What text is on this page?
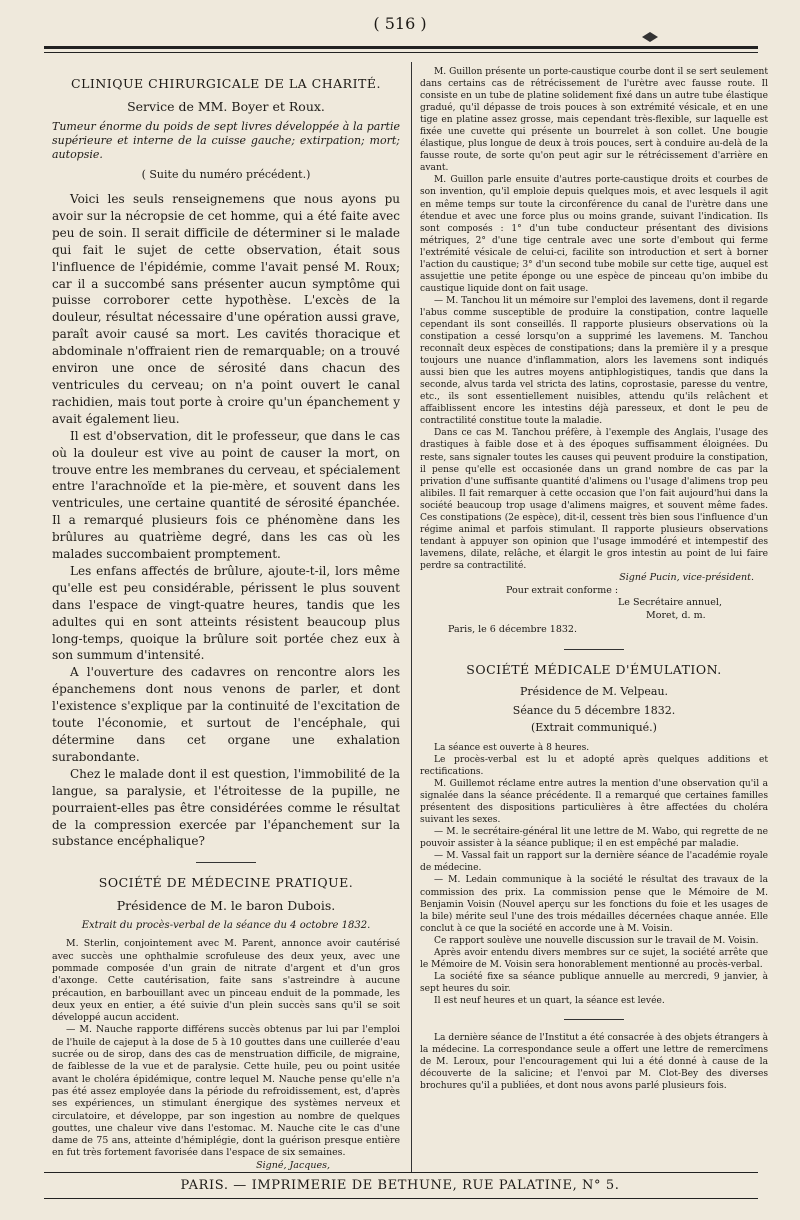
( 516 )
CLINIQUE CHIRURGICALE DE LA CHARITÉ.
Service de MM. Boyer et Roux.

Tumeur énorme du poids de sept livres développée à la partie supérieure et interne de la cuisse gauche; extirpation; mort; autopsie.

( Suite du numéro précédent.)

Voici les seuls renseignemens que nous ayons pu avoir sur la nécropsie de cet homme, qui a été faite avec peu de soin. Il serait difficile de déterminer si le malade qui fait le sujet de cette observation, était sous l'influence de l'épidémie, comme l'avait pensé M. Roux; car il a succombé sans présenter aucun symptôme qui puisse corroborer cette hypothèse. L'excès de la douleur, résultat nécessaire d'une opération aussi grave, paraît avoir causé sa mort. Les cavités thoracique et abdominale n'offraient rien de remarquable; on a trouvé environ une once de sérosité dans chacun des ventricules du cerveau; on n'a point ouvert le canal rachidien, mais tout porte à croire qu'un épanchement y avait également lieu.

Il est d'observation, dit le professeur, que dans le cas où la douleur est vive au point de causer la mort, on trouve entre les membranes du cerveau, et spécialement entre l'arachnoïde et la pie-mère, et souvent dans les ventricules, une certaine quantité de sérosité épanchée. Il a remarqué plusieurs fois ce phénomène dans les brûlures au quatrième degré, dans les cas où les malades succombaient promptement.

Les enfans affectés de brûlure, ajoute-t-il, lors même qu'elle est peu considérable, périssent le plus souvent dans l'espace de vingt-quatre heures, tandis que les adultes qui en sont atteints résistent beaucoup plus long-temps, quoique la brûlure soit portée chez eux à son summum d'intensité.

A l'ouverture des cadavres on rencontre alors les épanchemens dont nous venons de parler, et dont l'existence s'explique par la continuité de l'excitation de toute l'économie, et surtout de l'encéphale, qui détermine dans cet organe une exhalation surabondante.

Chez le malade dont il est question, l'immobilité de la langue, sa paralysie, et l'étroitesse de la pupille, ne pourraient-elles pas être considérées comme le résultat de la compression exercée par l'épanchement sur la substance encéphalique?

SOCIÉTÉ DE MÉDECINE PRATIQUE.
Présidence de M. le baron Dubois.

Extrait du procès-verbal de la séance du 4 octobre 1832.

M. Sterlin, conjointement avec M. Parent, annonce avoir cautérisé avec succès une ophthalmie scrofuleuse des deux yeux, avec une pommade composée d'un grain de nitrate d'argent et d'un gros d'axonge. Cette cautérisation, faite sans s'astreindre à aucune précaution, en barbouillant avec un pinceau enduit de la pommade, les deux yeux en entier, a été suivie d'un plein succès sans qu'il se soit développé aucun accident.

— M. Nauche rapporte différens succès obtenus par lui par l'emploi de l'huile de cajeput à la dose de 5 à 10 gouttes dans une cuillerée d'eau sucrée ou de sirop, dans des cas de menstruation difficile, de migraine, de faiblesse de la vue et de paralysie. Cette huile, peu ou point usitée avant le choléra épidémique, contre lequel M. Nauche pense qu'elle n'a pas été assez employée dans la période du refroidissement, est, d'après ses expériences, un stimulant énergique des systèmes nerveux et circulatoire, et développe, par son ingestion au nombre de quelques gouttes, une chaleur vive dans l'estomac. M. Nauche cite le cas d'une dame de 75 ans, atteinte d'hémiplégie, dont la guérison presque entière en fut très fortement favorisée dans l'espace de six semaines.

Signé, Jacques,

M. Guillon présente un porte-caustique courbe dont il se sert seulement dans certains cas de rétrécissement de l'urètre avec fausse route. Il consiste en un tube de platine solidement fixé dans un autre tube élastique gradué, qu'il dépasse de trois pouces à son extrémité vésicale, et en une tige en platine assez grosse, mais cependant très-flexible, sur laquelle est fixée une cuvette qui présente un bourrelet à son collet. Une bougie élastique, plus longue de deux à trois pouces, sert à conduire au-delà de la fausse route, de sorte qu'on peut agir sur le rétrécissement d'arrière en avant.

M. Guillon parle ensuite d'autres porte-caustique droits et courbes de son invention, qu'il emploie depuis quelques mois, et avec lesquels il agit en même temps sur toute la circonférence du canal de l'urètre dans une étendue et avec une force plus ou moins grande, suivant l'indication. Ils sont composés : 1° d'un tube conducteur présentant des divisions métriques, 2° d'une tige centrale avec une sorte d'embout qui ferme l'extrémité vésicale de celui-ci, facilite son introduction et sert à borner l'action du caustique; 3° d'un second tube mobile sur cette tige, auquel est assujettie une petite éponge ou une espèce de pinceau qu'on imbibe du caustique liquide dont on fait usage.

— M. Tanchou lit un mémoire sur l'emploi des lavemens, dont il regarde l'abus comme susceptible de produire la constipation, contre laquelle cependant ils sont conseillés. Il rapporte plusieurs observations où la constipation a cessé lorsqu'on a supprimé les lavemens. M. Tanchou reconnaît deux espèces de constipations; dans la première il y a presque toujours une nuance d'inflammation, alors les lavemens sont indiqués aussi bien que les autres moyens antiphlogistiques, tandis que dans la seconde, alvus tarda vel stricta des latins, coprostasie, paresse du ventre, etc., ils sont essentiellement nuisibles, attendu qu'ils relâchent et affaiblissent encore les intestins déjà paresseux, et dont le peu de contractilité constitue toute la maladie.

Dans ce cas M. Tanchou préfère, à l'exemple des Anglais, l'usage des drastiques à faible dose et à des époques suffisamment éloignées. Du reste, sans signaler toutes les causes qui peuvent produire la constipation, il pense qu'elle est occasionée dans un grand nombre de cas par la privation d'une suffisante quantité d'alimens ou l'usage d'alimens trop peu alibiles. Il fait remarquer à cette occasion que l'on fait aujourd'hui dans la société beaucoup trop usage d'alimens maigres, et souvent même fades. Ces constipations (2e espèce), dit-il, cessent très bien sous l'influence d'un régime animal et parfois stimulant. Il rapporte plusieurs observations tendant à appuyer son opinion que l'usage immodéré et intempestif des lavemens, dilate, relâche, et élargit le gros intestin au point de lui faire perdre sa contractilité.

Signé Pucin, vice-président.
Pour extrait conforme :
Le Secrétaire annuel,
Moret, d. m.
Paris, le 6 décembre 1832.
SOCIÉTÉ MÉDICALE D'ÉMULATION.
Présidence de M. Velpeau.
Séance du 5 décembre 1832.
(Extrait communiqué.)

La séance est ouverte à 8 heures.

Le procès-verbal est lu et adopté après quelques additions et rectifications.

M. Guillemot réclame entre autres la mention d'une observation qu'il a signalée dans la séance précédente. Il a remarqué que certaines familles présentent des dispositions particulières à être affectées du choléra suivant les sexes.

— M. le secrétaire-général lit une lettre de M. Wabo, qui regrette de ne pouvoir assister à la séance publique; il en est empêché par maladie.

— M. Vassal fait un rapport sur la dernière séance de l'académie royale de médecine.

— M. Ledain communique à la société le résultat des travaux de la commission des prix. La commission pense que le Mémoire de M. Benjamin Voisin (Nouvel aperçu sur les fonctions du foie et les usages de la bile) mérite seul l'une des trois médailles décernées chaque année. Elle conclut à ce que la société en accorde une à M. Voisin.

Ce rapport soulève une nouvelle discussion sur le travail de M. Voisin.

Après avoir entendu divers membres sur ce sujet, la société arrête que le Mémoire de M. Voisin sera honorablement mentionné au procès-verbal.

La société fixe sa séance publique annuelle au mercredi, 9 janvier, à sept heures du soir.

Il est neuf heures et un quart, la séance est levée.

La dernière séance de l'Institut a été consacrée à des objets étrangers à la médecine. La correspondance seule a offert une lettre de remercîmens de M. Leroux, pour l'encouragement qui lui a été donné à cause de la découverte de la salicine; et l'envoi par M. Clot-Bey des diverses brochures qu'il a publiées, et dont nous avons parlé plusieurs fois.

PARIS. — IMPRIMERIE DE BETHUNE, RUE PALATINE, N° 5.
